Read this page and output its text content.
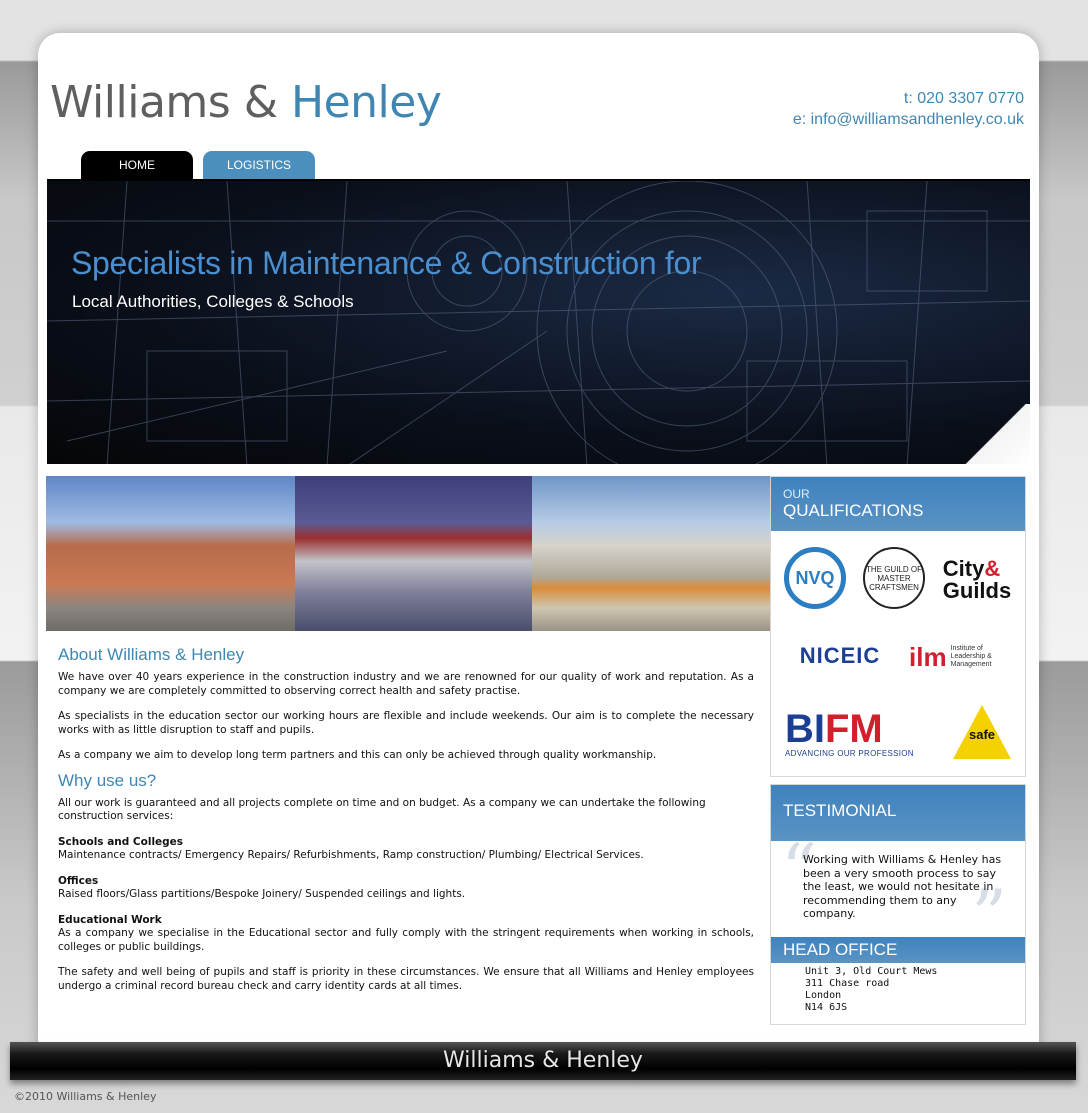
Williams & Henley	t: 020 3307 0770
e: info@williamsandhenley.co.uk
HOME	LOGISTICS
Specialists in Maintenance & Construction for
Local Authorities, Colleges & Schools
About Williams & Henley

We have over 40 years experience in the construction industry and we are renowned for our quality of work and reputation. As a company we are completely committed to observing correct health and safety practise.

As specialists in the education sector our working hours are flexible and include weekends. Our aim is to complete the necessary works with as little disruption to staff and pupils.

As a company we aim to develop long term partners and this can only be achieved through quality workmanship.

Why use us?

All our work is guaranteed and all projects complete on time and on budget. As a company we can undertake the following construction services:

Schools and Colleges
Maintenance contracts/ Emergency Repairs/ Refurbishments, Ramp construction/ Plumbing/ Electrical Services.

Offices
Raised floors/Glass partitions/Bespoke Joinery/ Suspended ceilings and lights.

Educational Work
As a company we specialise in the Educational sector and fully comply with the stringent requirements when working in schools, colleges or public buildings.

The safety and well being of pupils and staff is priority in these circumstances. We ensure that all Williams and Henley employees undergo a criminal record bureau check and carry identity cards at all times.

OUR
QUALIFICATIONS
NVQ	THE GUILD OF MASTER CRAFTSMEN
City&
Guilds
NICEIC	ilm Institute of Leadership & Management
BIFM
ADVANCING OUR PROFESSION
safe
TESTIMONIAL
“
”
Working with Williams & Henley has been a very smooth process to say the least, we would not hesitate in recommending them to any company.
HEAD OFFICE
Unit 3, Old Court Mews
311 Chase road
London
N14 6JS
Williams & Henley
©2010 Williams & Henley
